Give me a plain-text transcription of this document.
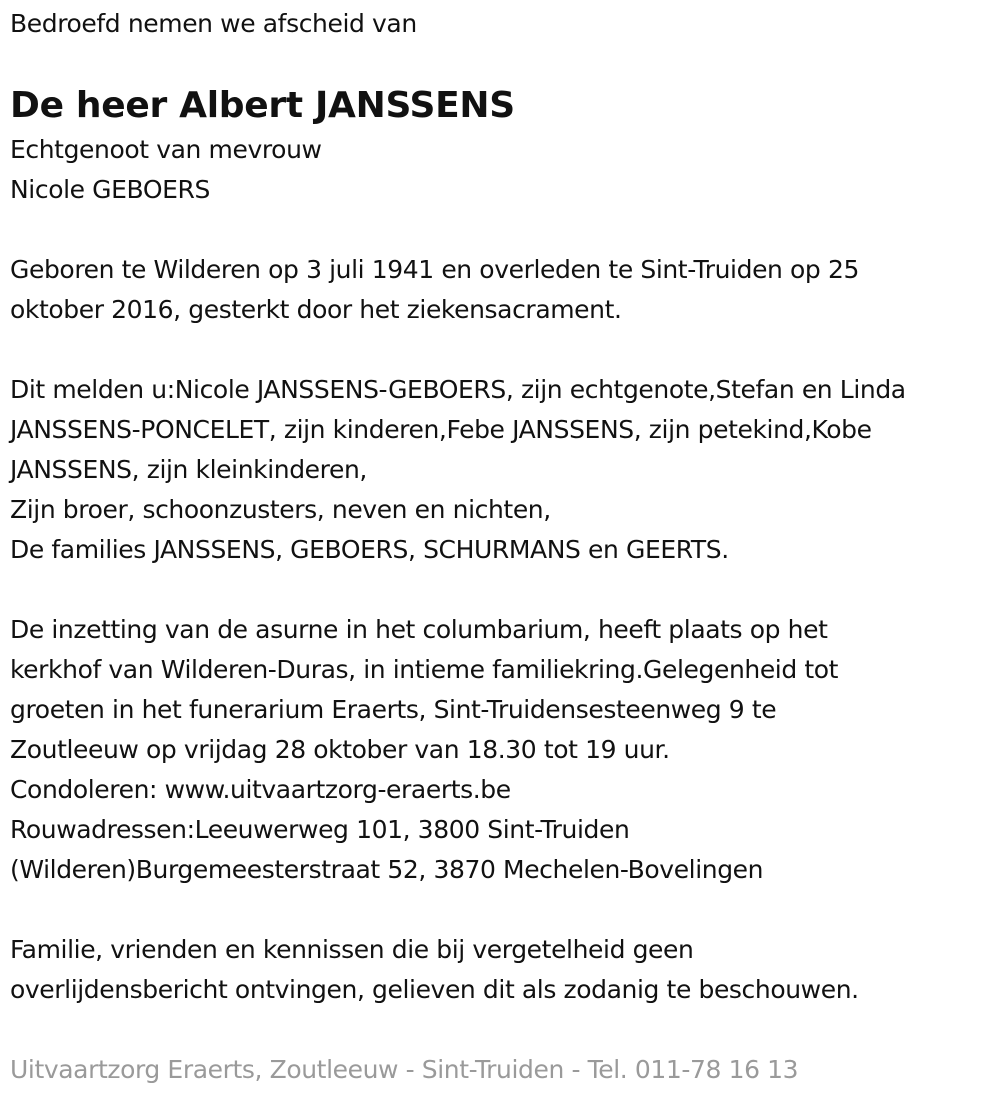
Bedroefd nemen we afscheid van
De heer Albert JANSSENS
Echtgenoot van mevrouw
Nicole GEBOERS
Geboren te Wilderen op 3 juli 1941 en overleden te Sint-Truiden op 25
oktober 2016, gesterkt door het ziekensacrament.
Dit melden u:Nicole JANSSENS-GEBOERS, zijn echtgenote,Stefan en Linda
JANSSENS-PONCELET, zijn kinderen,Febe JANSSENS, zijn petekind,Kobe
JANSSENS, zijn kleinkinderen,
Zijn broer, schoonzusters, neven en nichten,
De families JANSSENS, GEBOERS, SCHURMANS en GEERTS.
De inzetting van de asurne in het columbarium, heeft plaats op het
kerkhof van Wilderen-Duras, in intieme familiekring.Gelegenheid tot
groeten in het funerarium Eraerts, Sint-Truidensesteenweg 9 te
Zoutleeuw op vrijdag 28 oktober van 18.30 tot 19 uur.
Condoleren: www.uitvaartzorg-eraerts.be
Rouwadressen:Leeuwerweg 101, 3800 Sint-Truiden
(Wilderen)Burgemeesterstraat 52, 3870 Mechelen-Bovelingen
Familie, vrienden en kennissen die bij vergetelheid geen
overlijdensbericht ontvingen, gelieven dit als zodanig te beschouwen.
Uitvaartzorg Eraerts, Zoutleeuw - Sint-Truiden - Tel. 011-78 16 13
